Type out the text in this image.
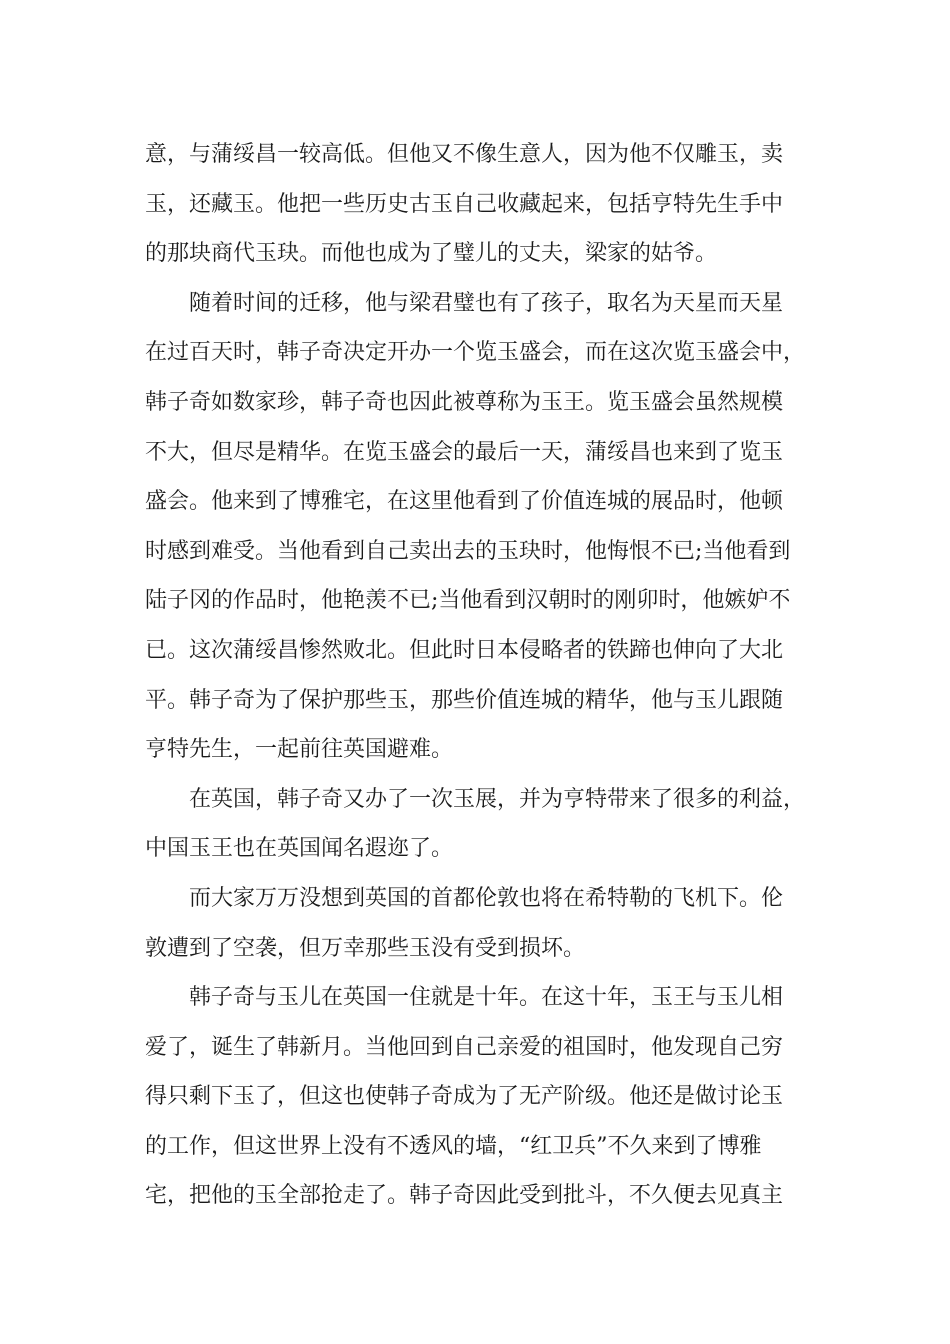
意，与蒲绥昌一较高低。但他又不像生意人，因为他不仅雕玉，卖
玉，还藏玉。他把一些历史古玉自己收藏起来，包括亨特先生手中
的那块商代玉玦。而他也成为了璧儿的丈夫，梁家的姑爷。
　　随着时间的迁移，他与梁君璧也有了孩子，取名为天星而天星
在过百天时，韩子奇决定开办一个览玉盛会，而在这次览玉盛会中，
韩子奇如数家珍，韩子奇也因此被尊称为玉王。览玉盛会虽然规模
不大，但尽是精华。在览玉盛会的最后一天，蒲绥昌也来到了览玉
盛会。他来到了博雅宅，在这里他看到了价值连城的展品时，他顿
时感到难受。当他看到自己卖出去的玉玦时，他悔恨不已;当他看到
陆子冈的作品时，他艳羡不已;当他看到汉朝时的刚卯时，他嫉妒不
已。这次蒲绥昌惨然败北。但此时日本侵略者的铁蹄也伸向了大北
平。韩子奇为了保护那些玉，那些价值连城的精华，他与玉儿跟随
亨特先生，一起前往英国避难。
　　在英国，韩子奇又办了一次玉展，并为亨特带来了很多的利益，
中国玉王也在英国闻名遐迩了。
　　而大家万万没想到英国的首都伦敦也将在希特勒的飞机下。伦
敦遭到了空袭，但万幸那些玉没有受到损坏。
　　韩子奇与玉儿在英国一住就是十年。在这十年，玉王与玉儿相
爱了，诞生了韩新月。当他回到自己亲爱的祖国时，他发现自己穷
得只剩下玉了，但这也使韩子奇成为了无产阶级。他还是做讨论玉
的工作，但这世界上没有不透风的墙，“红卫兵”不久来到了博雅
宅，把他的玉全部抢走了。韩子奇因此受到批斗，不久便去见真主
